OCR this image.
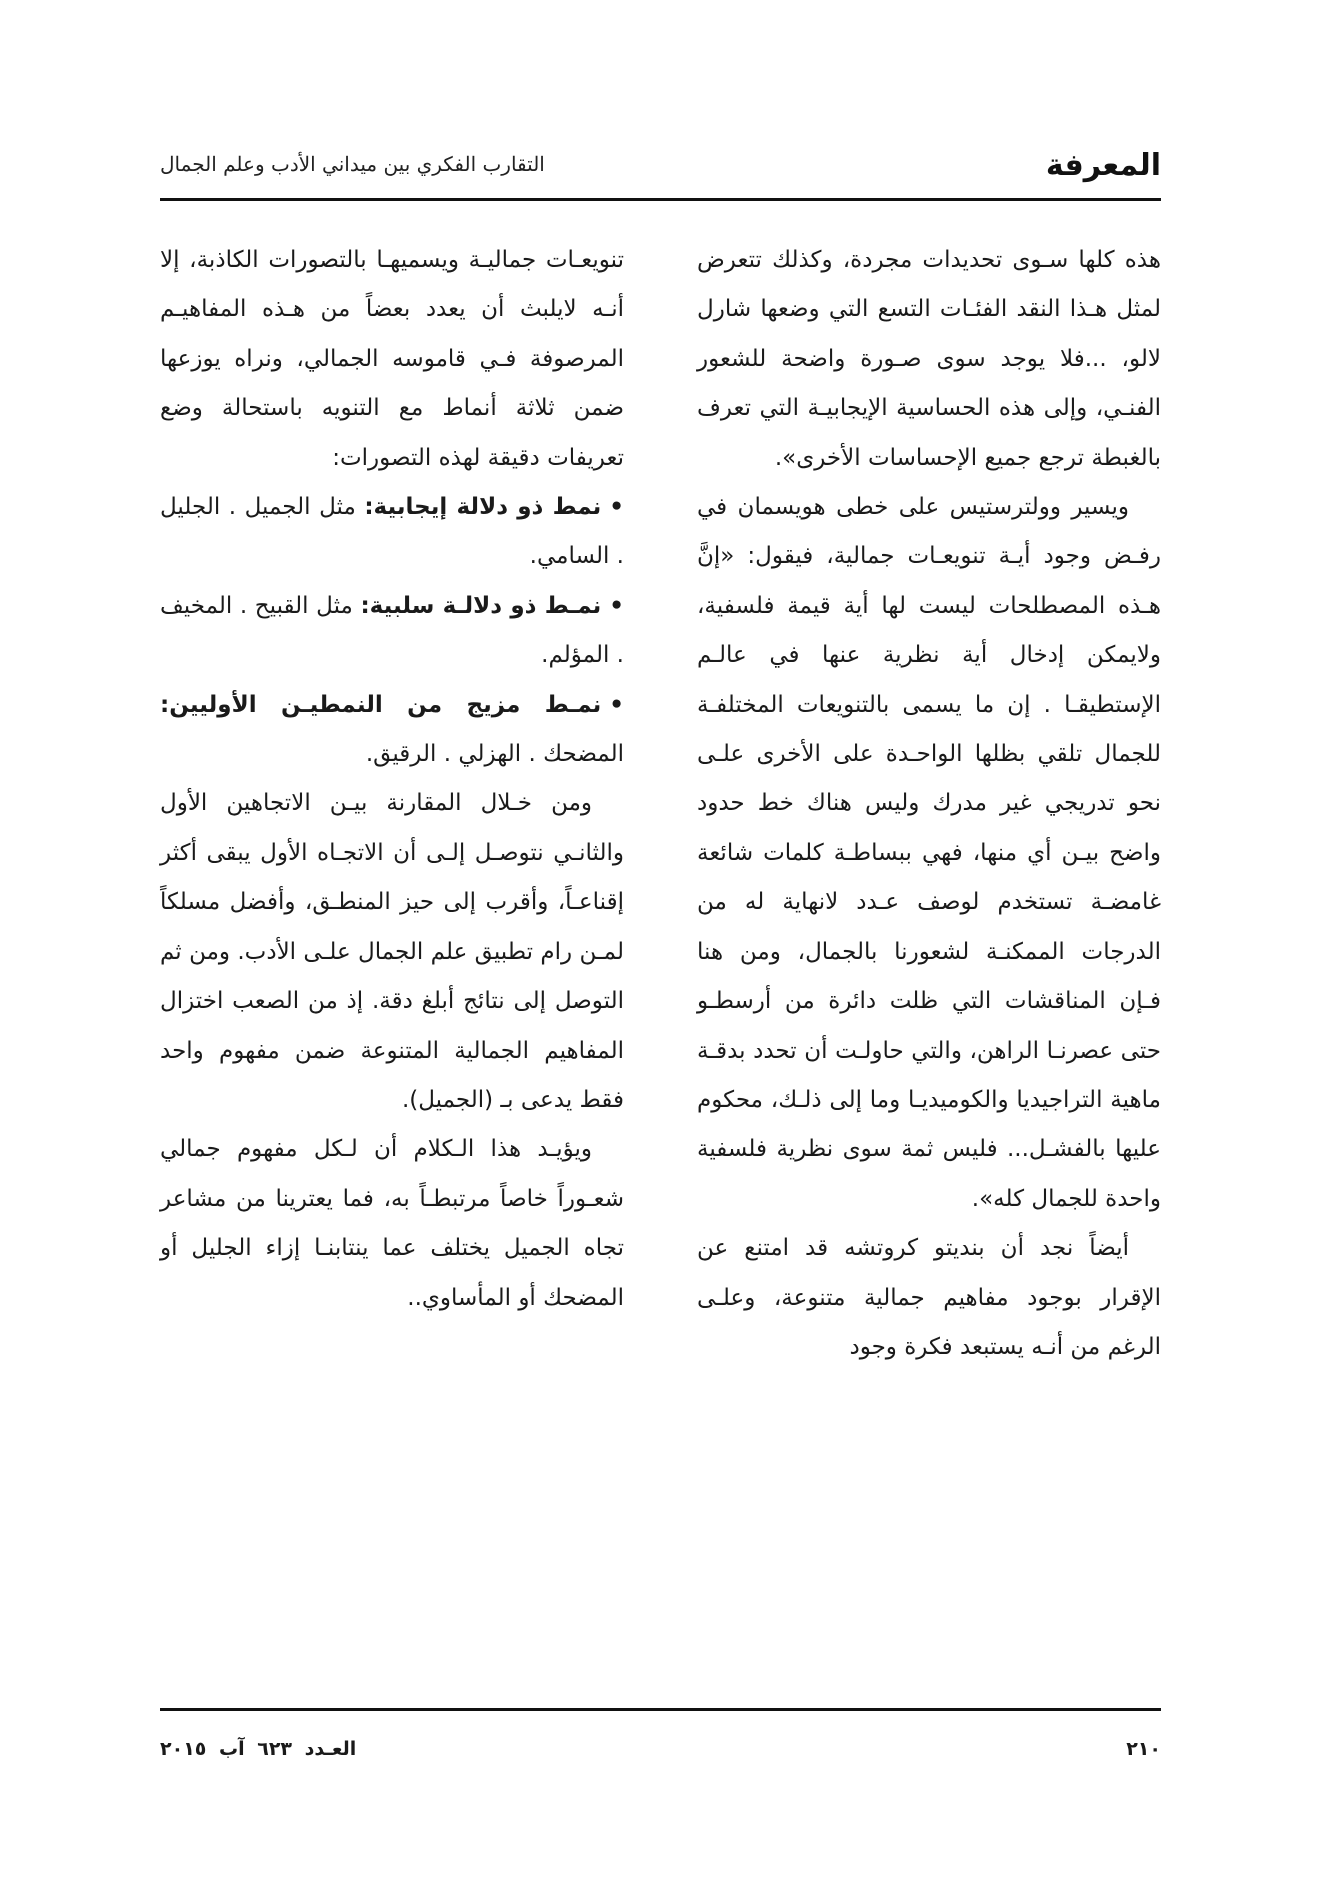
المعرفة
التقارب الفكري بين ميداني الأدب وعلم الجمال

هذه كلها سـوى تحديدات مجردة، وكذلك تتعرض لمثل هـذا النقد الفئـات التسع التي وضعها شارل لالو، ...فلا يوجد سوى صـورة واضحة للشعور الفنـي، وإلى هذه الحساسية الإيجابيـة التي تعرف بالغبطة ترجع جميع الإحساسات الأخرى».

ويسير وولترستيس على خطى هويسمان في رفـض وجود أيـة تنويعـات جمالية، فيقول: «إنَّ هـذه المصطلحات ليست لها أية قيمة فلسفية، ولايمكن إدخال أية نظرية عنها في عالـم الإستطيقـا . إن ما يسمى بالتنويعات المختلفـة للجمال تلقي بظلها الواحـدة على الأخرى علـى نحو تدريجي غير مدرك وليس هناك خط حدود واضح بيـن أي منها، فهي ببساطـة كلمات شائعة غامضـة تستخدم لوصف عـدد لانهاية له من الدرجات الممكنـة لشعورنا بالجمال، ومن هنا فـإن المناقشات التي ظلت دائرة من أرسطـو حتى عصرنـا الراهن، والتي حاولـت أن تحدد بدقـة ماهية التراجيديا والكوميديـا وما إلى ذلـك، محكوم عليها بالفشـل... فليس ثمة سوى نظرية فلسفية واحدة للجمال كله».

أيضاً نجد أن بنديتو كروتشه قد امتنع عن الإقرار بوجود مفاهيم جمالية متنوعة، وعلـى الرغم من أنـه يستبعد فكرة وجود

تنويعـات جماليـة ويسميهـا بالتصورات الكاذبة، إلا أنـه لايلبث أن يعدد بعضاً من هـذه المفاهيـم المرصوفة فـي قاموسه الجمالي، ونراه يوزعها ضمن ثلاثة أنماط مع التنويه باستحالة وضع تعريفات دقيقة لهذه التصورات:

•نمط ذو دلالة إيجابية: مثل الجميل . الجليل . السامي.

•نمـط ذو دلالـة سلبية: مثل القبيح . المخيف . المؤلم.

•نمـط مزيج من النمطيـن الأوليين: المضحك . الهزلي . الرقيق.

ومن خـلال المقارنة بيـن الاتجاهين الأول والثانـي نتوصـل إلـى أن الاتجـاه الأول يبقى أكثر إقناعـاً، وأقرب إلى حيز المنطـق، وأفضل مسلكاً لمـن رام تطبيق علم الجمال علـى الأدب. ومن ثم التوصل إلى نتائج أبلغ دقة. إذ من الصعب اختزال المفاهيم الجمالية المتنوعة ضمن مفهوم واحد فقط يدعى بـ (الجميل).

ويؤيـد هذا الـكلام أن لـكل مفهوم جمالي شعـوراً خاصاً مرتبطـاً به، فما يعترينا من مشاعر تجاه الجميل يختلف عما ينتابنـا إزاء الجليل أو المضحك أو المأساوي..

٢١٠
العـدد ٦٢٣ آب ٢٠١٥
